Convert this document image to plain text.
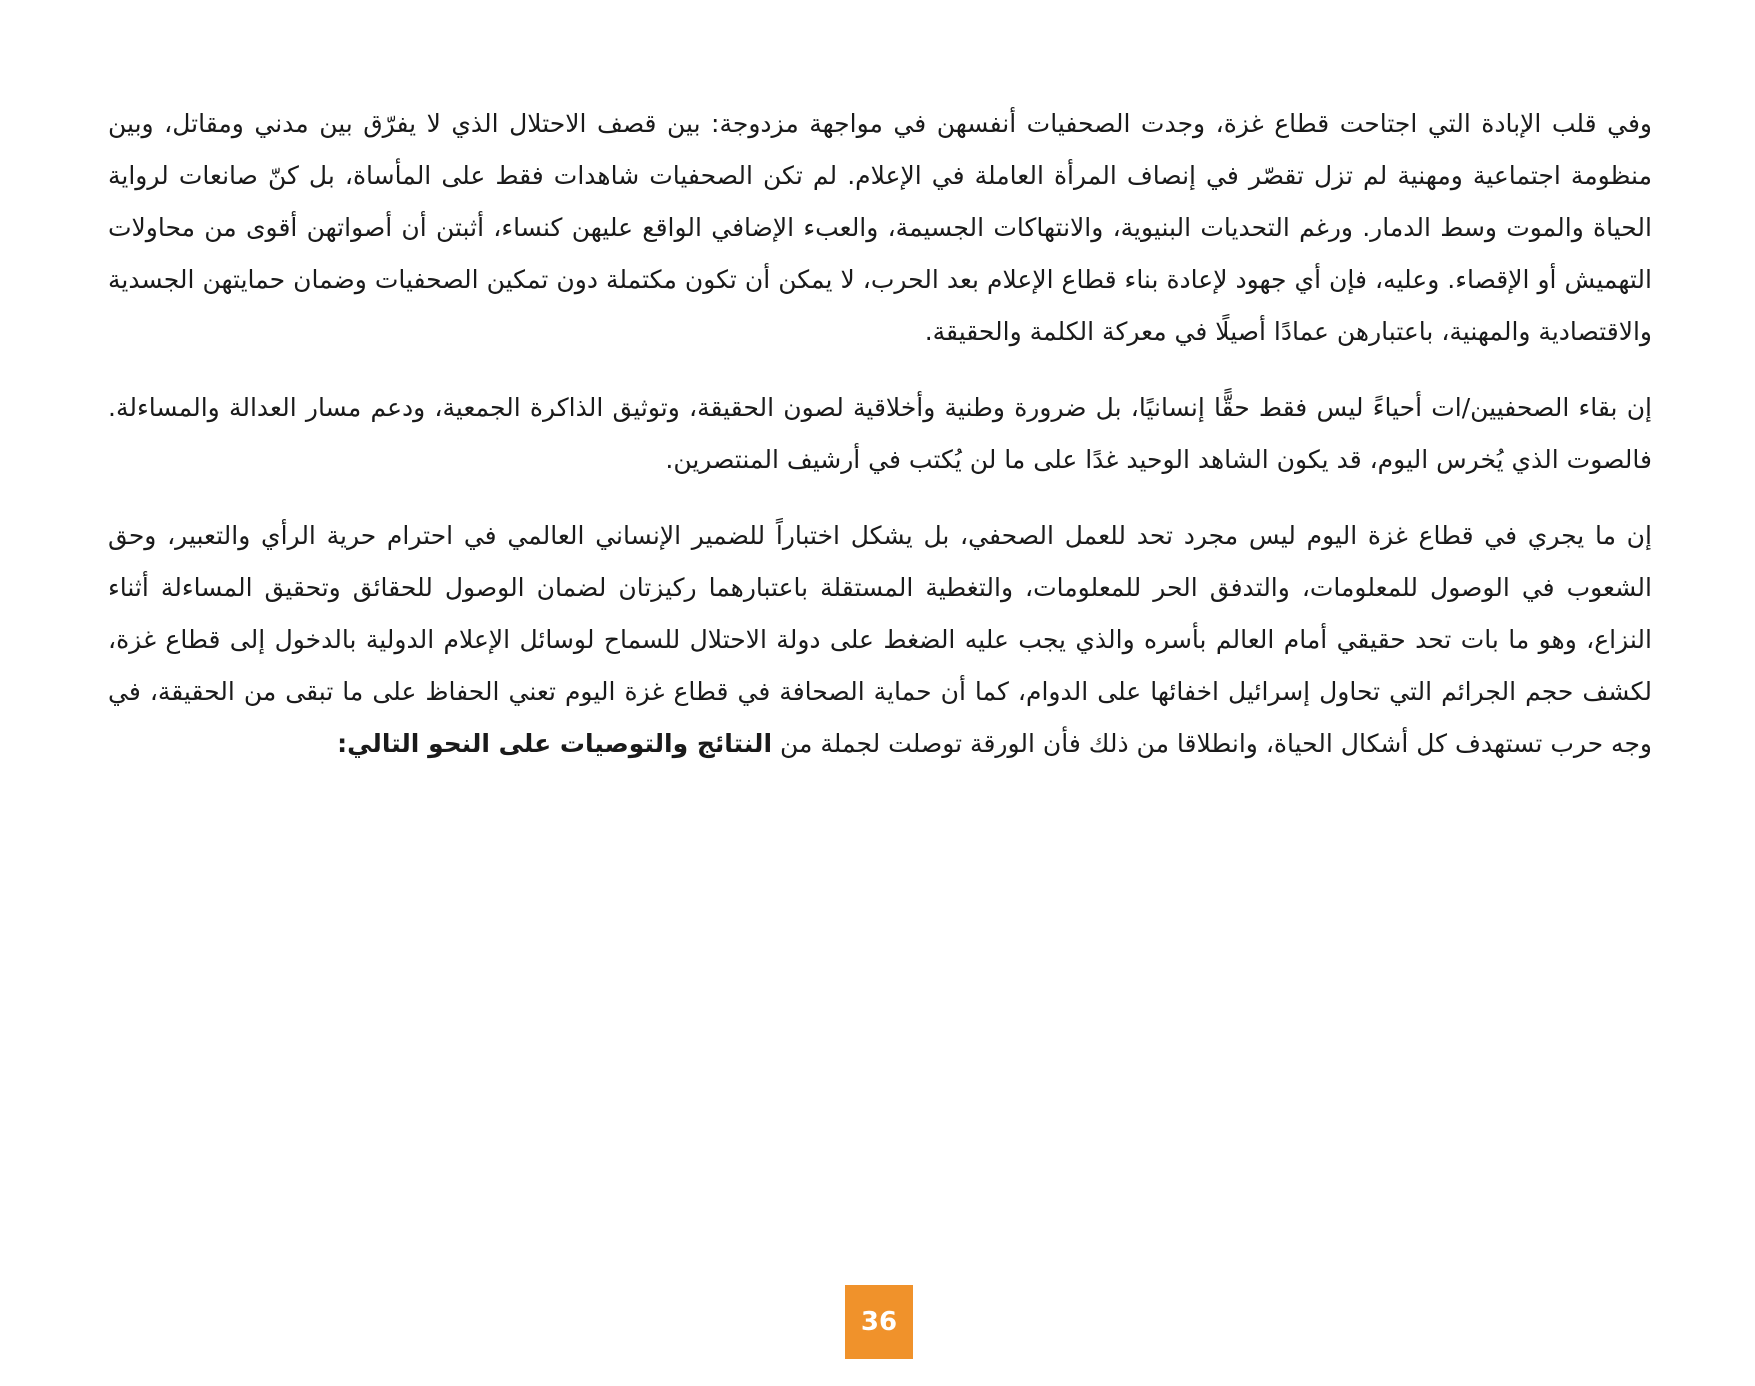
وفي قلب الإبادة التي اجتاحت قطاع غزة، وجدت الصحفيات أنفسهن في مواجهة مزدوجة: بين قصف الاحتلال الذي لا يفرّق بين مدني ومقاتل، وبين منظومة اجتماعية ومهنية لم تزل تقصّر في إنصاف المرأة العاملة في الإعلام. لم تكن الصحفيات شاهدات فقط على المأساة، بل كنّ صانعات لرواية الحياة والموت وسط الدمار. ورغم التحديات البنيوية، والانتهاكات الجسيمة، والعبء الإضافي الواقع عليهن كنساء، أثبتن أن أصواتهن أقوى من محاولات التهميش أو الإقصاء. وعليه، فإن أي جهود لإعادة بناء قطاع الإعلام بعد الحرب، لا يمكن أن تكون مكتملة دون تمكين الصحفيات وضمان حمايتهن الجسدية والاقتصادية والمهنية، باعتبارهن عمادًا أصيلًا في معركة الكلمة والحقيقة.

إن بقاء الصحفيين/ات أحياءً ليس فقط حقًّا إنسانيًا، بل ضرورة وطنية وأخلاقية لصون الحقيقة، وتوثيق الذاكرة الجمعية، ودعم مسار العدالة والمساءلة. فالصوت الذي يُخرس اليوم، قد يكون الشاهد الوحيد غدًا على ما لن يُكتب في أرشيف المنتصرين.

إن ما يجري في قطاع غزة اليوم ليس مجرد تحد للعمل الصحفي، بل يشكل اختباراً للضمير الإنساني العالمي في احترام حرية الرأي والتعبير، وحق الشعوب في الوصول للمعلومات، والتدفق الحر للمعلومات، والتغطية المستقلة باعتبارهما ركيزتان لضمان الوصول للحقائق وتحقيق المساءلة أثناء النزاع، وهو ما بات تحد حقيقي أمام العالم بأسره والذي يجب عليه الضغط على دولة الاحتلال للسماح لوسائل الإعلام الدولية بالدخول إلى قطاع غزة، لكشف حجم الجرائم التي تحاول إسرائيل اخفائها على الدوام، كما أن حماية الصحافة في قطاع غزة اليوم تعني الحفاظ على ما تبقى من الحقيقة، في وجه حرب تستهدف كل أشكال الحياة، وانطلاقا من ذلك فأن الورقة توصلت لجملة من النتائج والتوصيات على النحو التالي:

36
